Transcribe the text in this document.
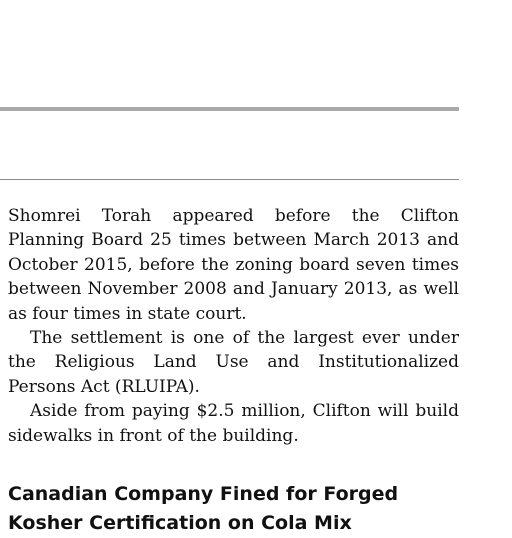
Shomrei Torah appeared before the Clifton Planning Board 25 times between March 2013 and October 2015, before the zoning board seven times between November 2008 and January 2013, as well as four times in state court.

The settlement is one of the largest ever under the Religious Land Use and Institutionalized Persons Act (RLUIPA).

Aside from paying $2.5 million, Clifton will build sidewalks in front of the building.

Canadian Company Fined for Forged Kosher Certification on Cola Mix
